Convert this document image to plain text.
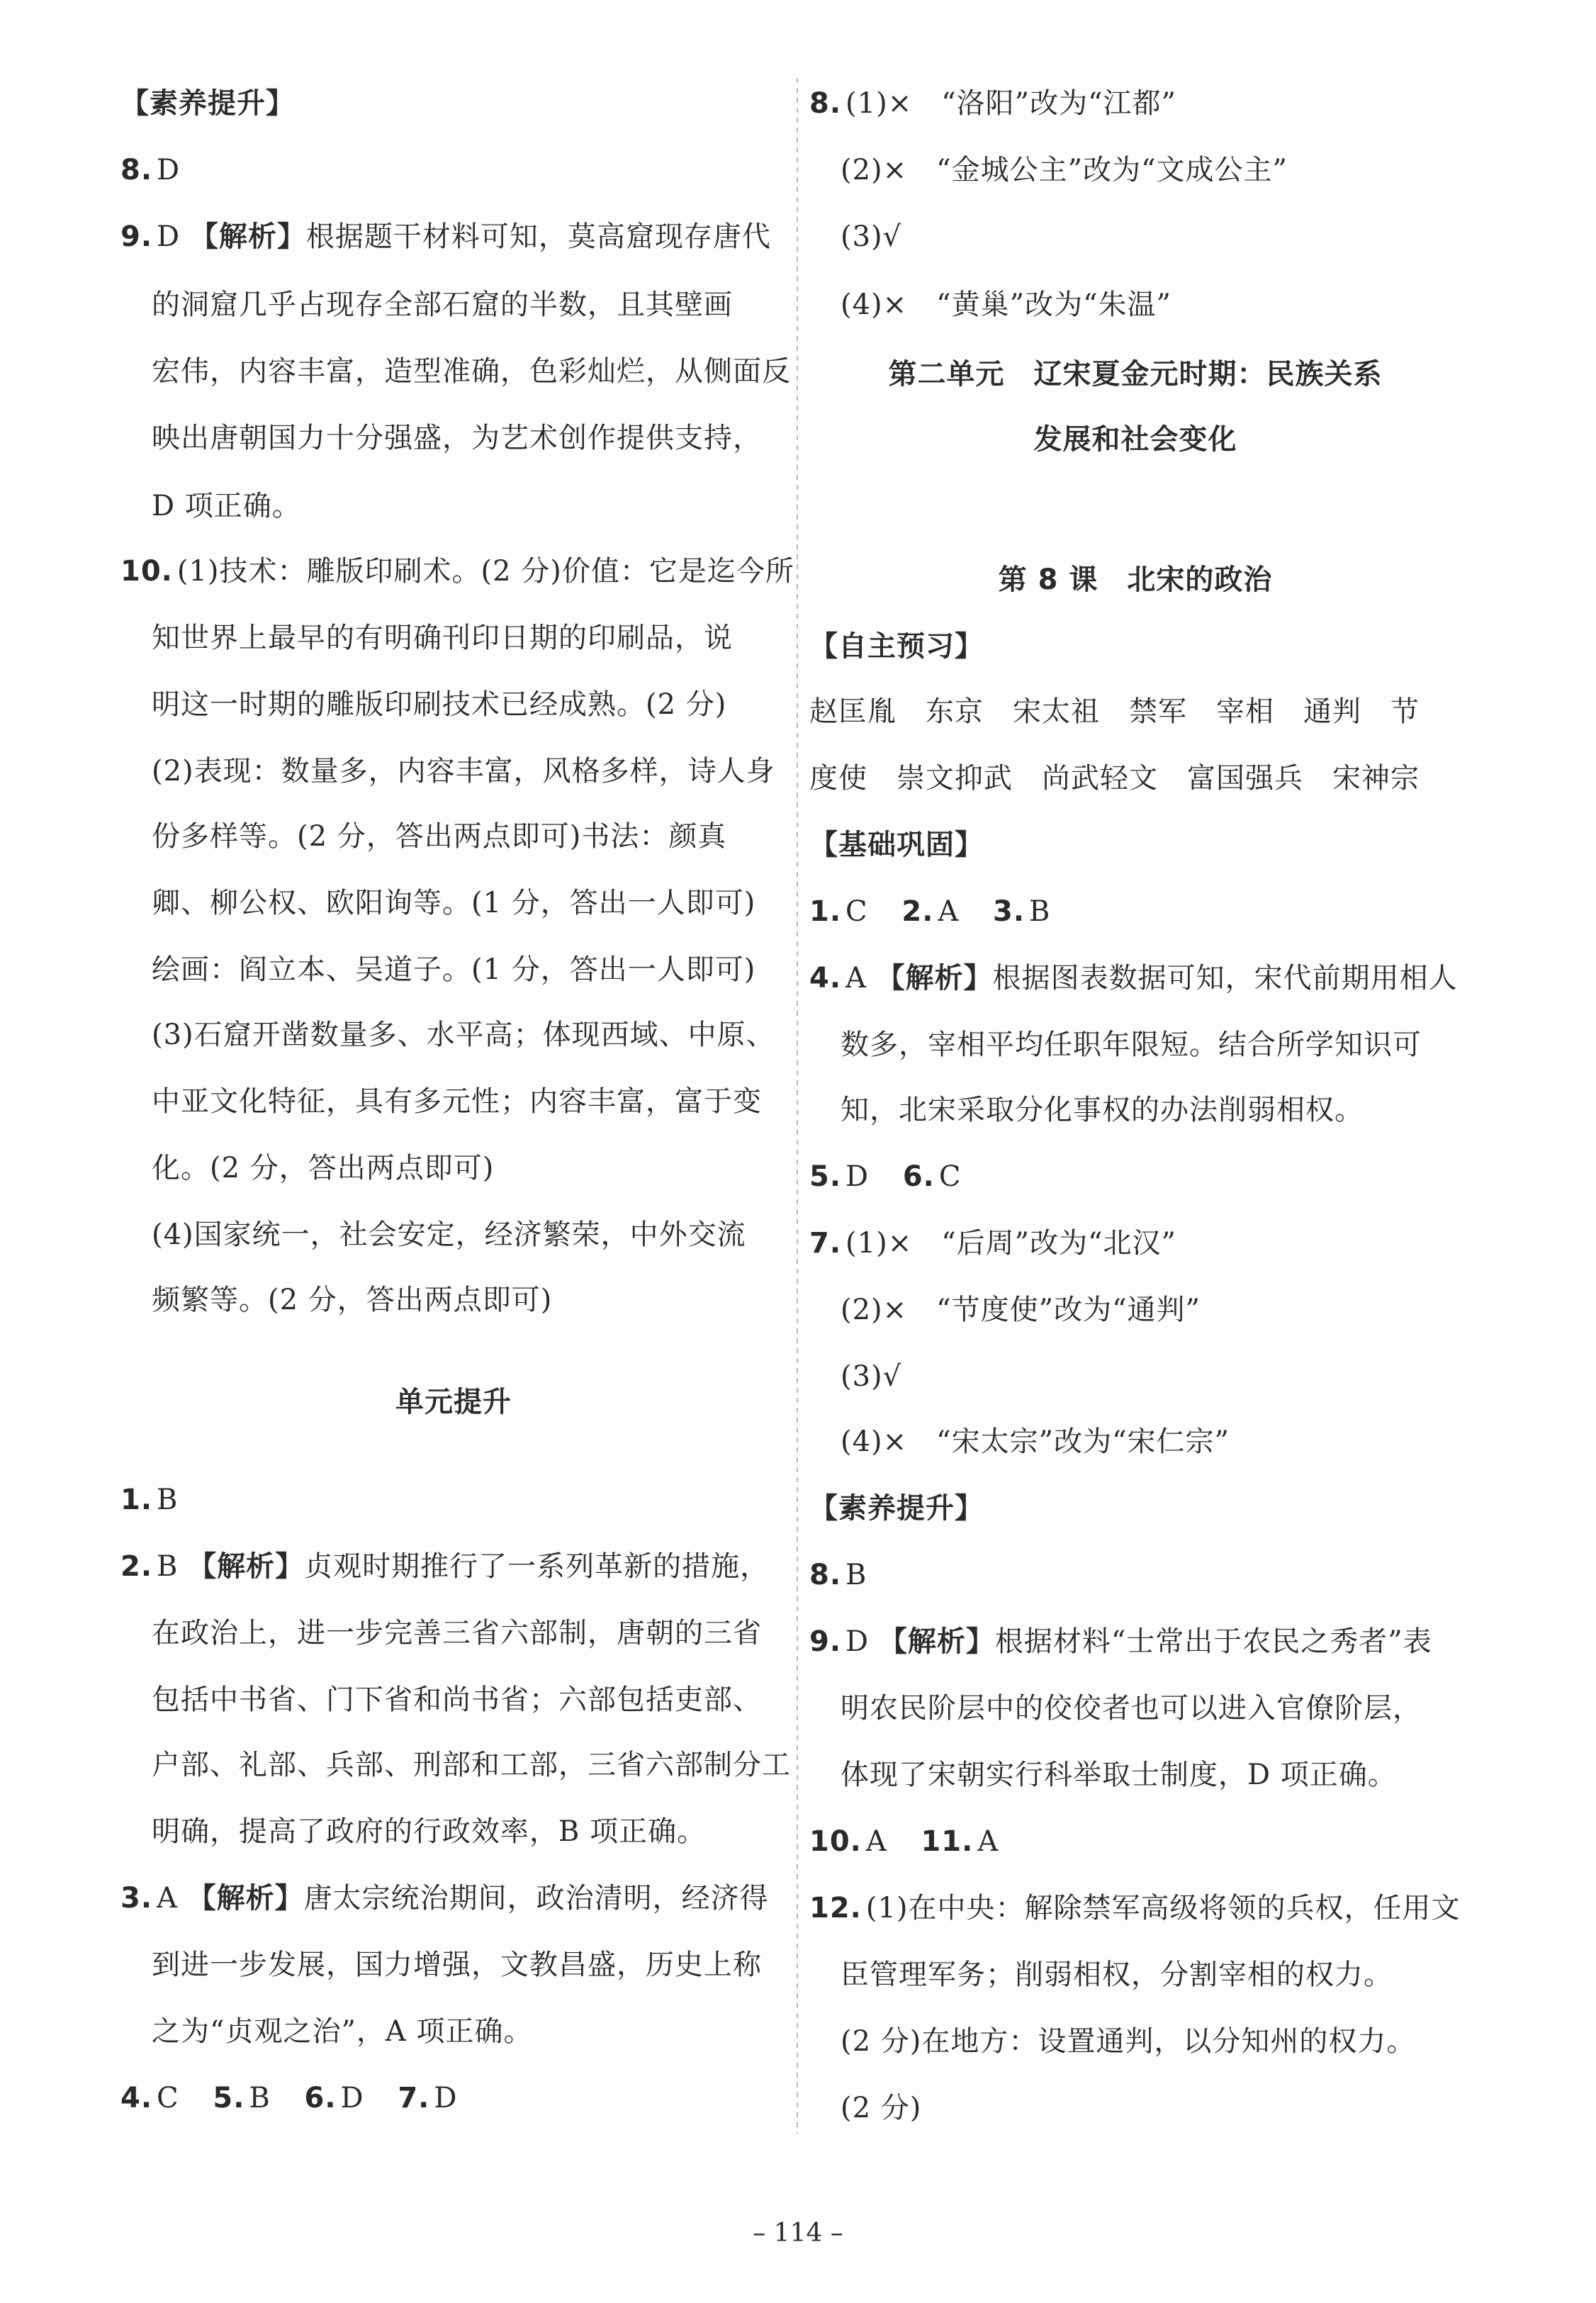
【素养提升】
8. D
9. D 【解析】根据题干材料可知，莫高窟现存唐代
的洞窟几乎占现存全部石窟的半数，且其壁画
宏伟，内容丰富，造型准确，色彩灿烂，从侧面反
映出唐朝国力十分强盛，为艺术创作提供支持，
D 项正确。
10. (1)技术：雕版印刷术。(2 分)价值：它是迄今所
知世界上最早的有明确刊印日期的印刷品，说
明这一时期的雕版印刷技术已经成熟。(2 分)
(2)表现：数量多，内容丰富，风格多样，诗人身
份多样等。(2 分，答出两点即可)书法：颜真
卿、柳公权、欧阳询等。(1 分，答出一人即可)
绘画：阎立本、吴道子。(1 分，答出一人即可)
(3)石窟开凿数量多、水平高；体现西域、中原、
中亚文化特征，具有多元性；内容丰富，富于变
化。(2 分，答出两点即可)
(4)国家统一，社会安定，经济繁荣，中外交流
频繁等。(2 分，答出两点即可)
单元提升
1. B
2. B 【解析】贞观时期推行了一系列革新的措施，
在政治上，进一步完善三省六部制，唐朝的三省
包括中书省、门下省和尚书省；六部包括吏部、
户部、礼部、兵部、刑部和工部，三省六部制分工
明确，提高了政府的行政效率，B 项正确。
3. A 【解析】唐太宗统治期间，政治清明，经济得
到进一步发展，国力增强，文教昌盛，历史上称
之为“贞观之治”，A 项正确。
4. C 5. B 6. D 7. D
8. (1)×　“洛阳”改为“江都”
(2)×　“金城公主”改为“文成公主”
(3)√
(4)×　“黄巢”改为“朱温”
第二单元　辽宋夏金元时期：民族关系
发展和社会变化
第 8 课　北宋的政治
【自主预习】
赵匡胤　东京　宋太祖　禁军　宰相　通判　节
度使　崇文抑武　尚武轻文　富国强兵　宋神宗
【基础巩固】
1. C 2. A 3. B
4. A 【解析】根据图表数据可知，宋代前期用相人
数多，宰相平均任职年限短。结合所学知识可
知，北宋采取分化事权的办法削弱相权。
5. D 6. C
7. (1)×　“后周”改为“北汉”
(2)×　“节度使”改为“通判”
(3)√
(4)×　“宋太宗”改为“宋仁宗”
【素养提升】
8. B
9. D 【解析】根据材料“士常出于农民之秀者”表
明农民阶层中的佼佼者也可以进入官僚阶层，
体现了宋朝实行科举取士制度，D 项正确。
10. A 11. A
12. (1)在中央：解除禁军高级将领的兵权，任用文
臣管理军务；削弱相权，分割宰相的权力。
(2 分)在地方：设置通判，以分知州的权力。
(2 分)
– 114 –
